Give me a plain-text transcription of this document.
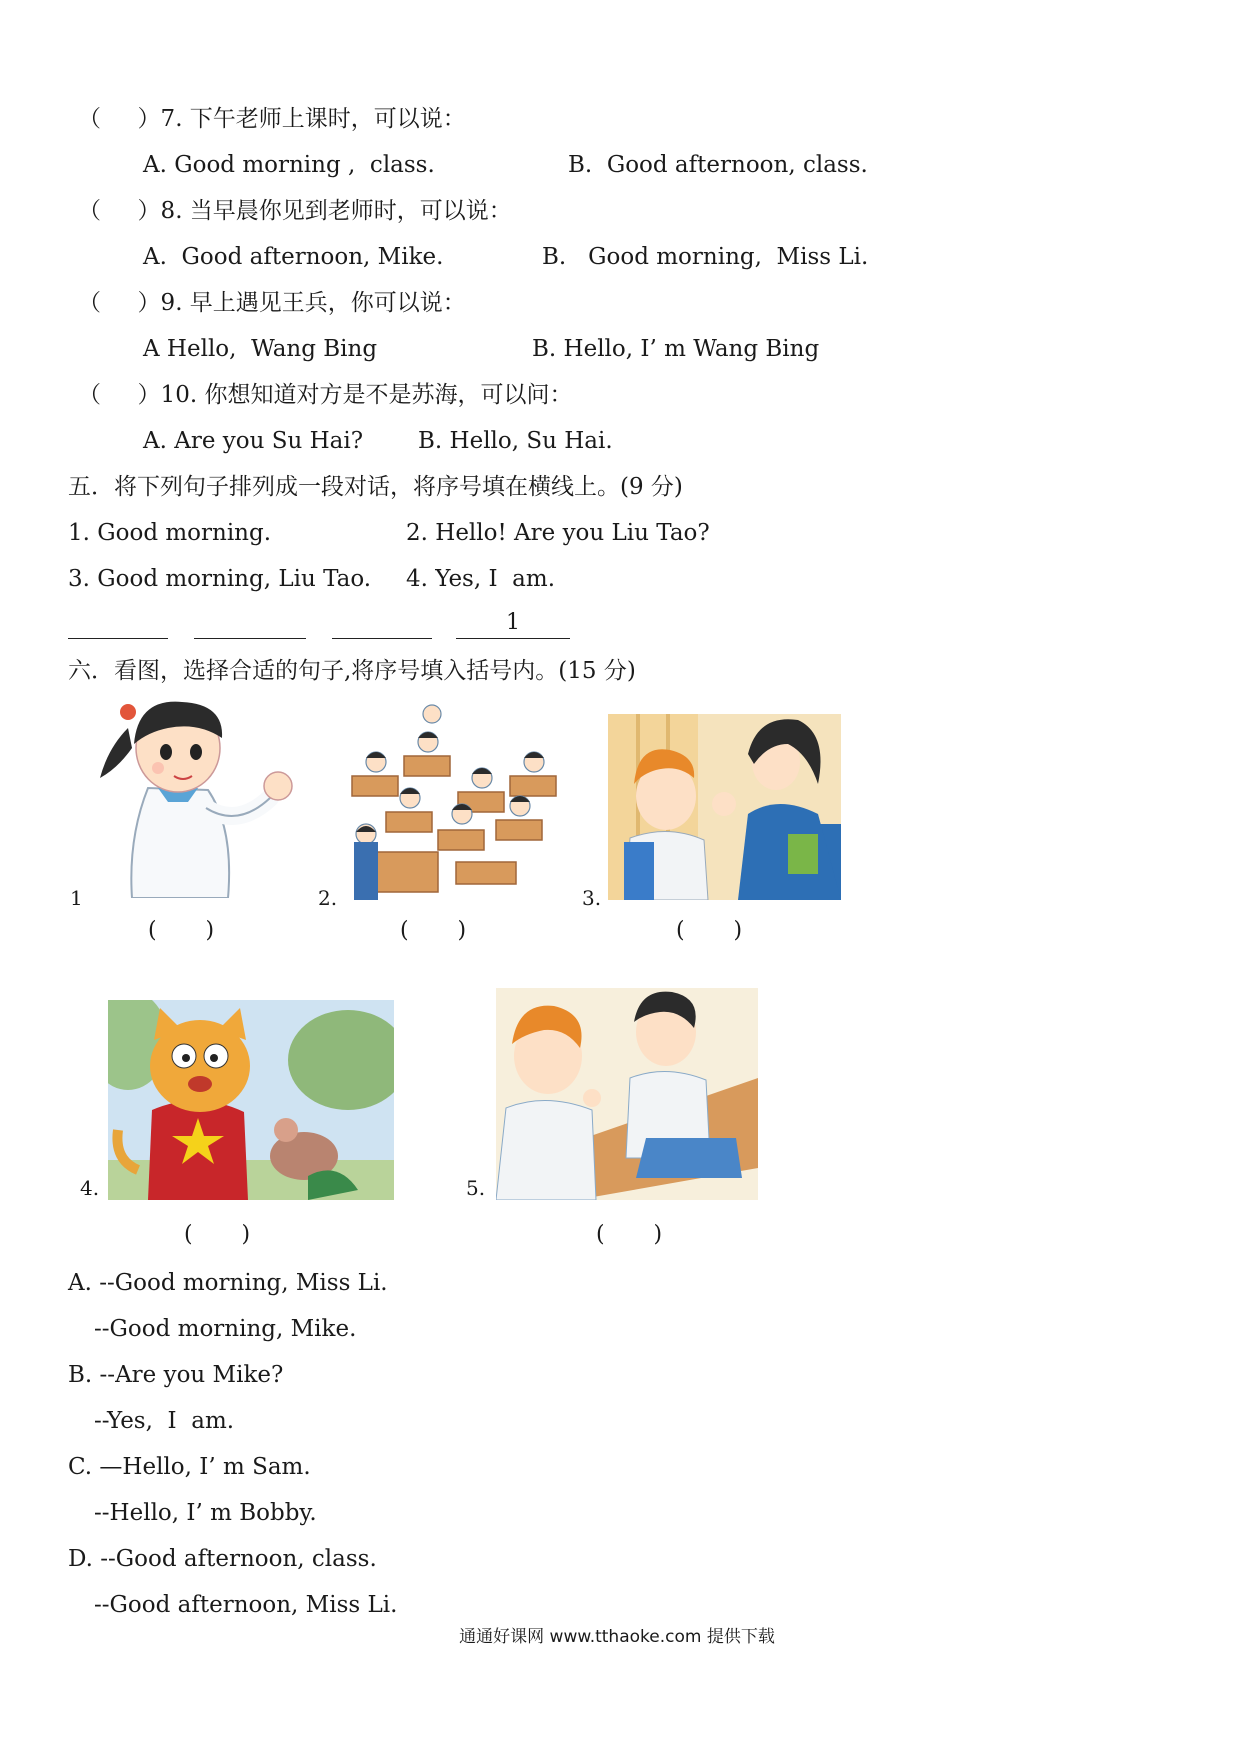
（     ）7. 下午老师上课时，可以说：
A. Good morning ,  class.	B.  Good afternoon, class.
（     ）8. 当早晨你见到老师时，可以说：
A.  Good afternoon, Mike.	B.   Good morning,  Miss Li.
（     ）9. 早上遇见王兵，你可以说：
A Hello,  Wang Bing	B. Hello, I’ m Wang Bing
（     ）10. 你想知道对方是不是苏海，可以问：
A. Are you Su Hai? B. Hello, Su Hai.
五．将下列句子排列成一段对话，将序号填在横线上。(9 分)
1. Good morning.	2. Hello! Are you Liu Tao?
3. Good morning, Liu Tao. 4. Yes, I  am.
1
六．看图，选择合适的句子,将序号填入括号内。(15 分)
1	2.	3.
(       )	(       )	(       )
4.	5.
(       )	(       )
A. --Good morning, Miss Li.
--Good morning, Mike.
B. --Are you Mike?
--Yes,  I  am.
C. —Hello, I’ m Sam.
--Hello, I’ m Bobby.
D. --Good afternoon, class.
--Good afternoon, Miss Li.
通通好课网 www.tthaoke.com 提供下载
